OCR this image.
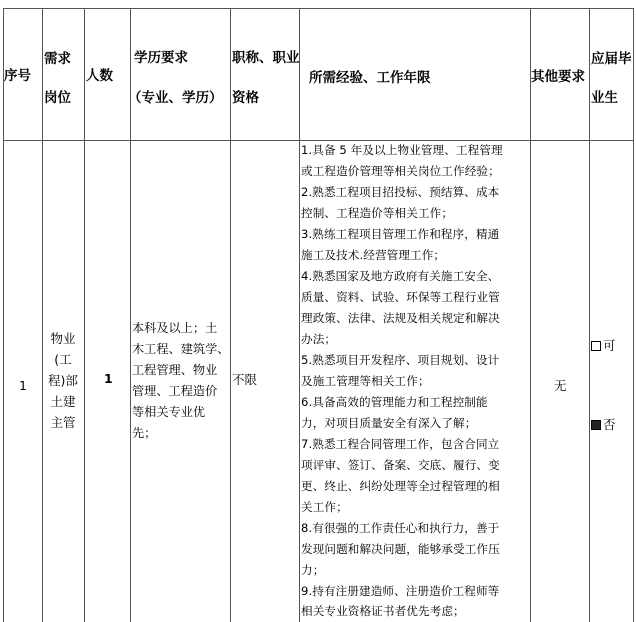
序号
需求
岗位
人数
学历要求
（专业、学历）
职称、职业
资格
所需经验、工作年限	其他要求
应届毕
业生
1
物业
(工
程)部
土建
主管
1
本科及以上；土
木工程、建筑学、
工程管理、物业
管理、工程造价
等相关专业优
先；
不限
1.具备 5 年及以上物业管理、工程管理
或工程造价管理等相关岗位工作经验；
2.熟悉工程项目招投标、预结算、成本
控制、工程造价等相关工作；
3.熟练工程项目管理工作和程序，精通
施工及技术.经营管理工作；
4.熟悉国家及地方政府有关施工安全、
质量、资料、试验、环保等工程行业管
理政策、法律、法规及相关规定和解决
办法；
5.熟悉项目开发程序、项目规划、设计
及施工管理等相关工作；
6.具备高效的管理能力和工程控制能
力，对项目质量安全有深入了解；
7.熟悉工程合同管理工作，包含合同立
项评审、签订、备案、交底、履行、变
更、终止、纠纷处理等全过程管理的相
关工作；
8.有很强的工作责任心和执行力，善于
发现问题和解决问题，能够承受工作压
力；
9.持有注册建造师、注册造价工程师等
相关专业资格证书者优先考虑；
无
可
否
